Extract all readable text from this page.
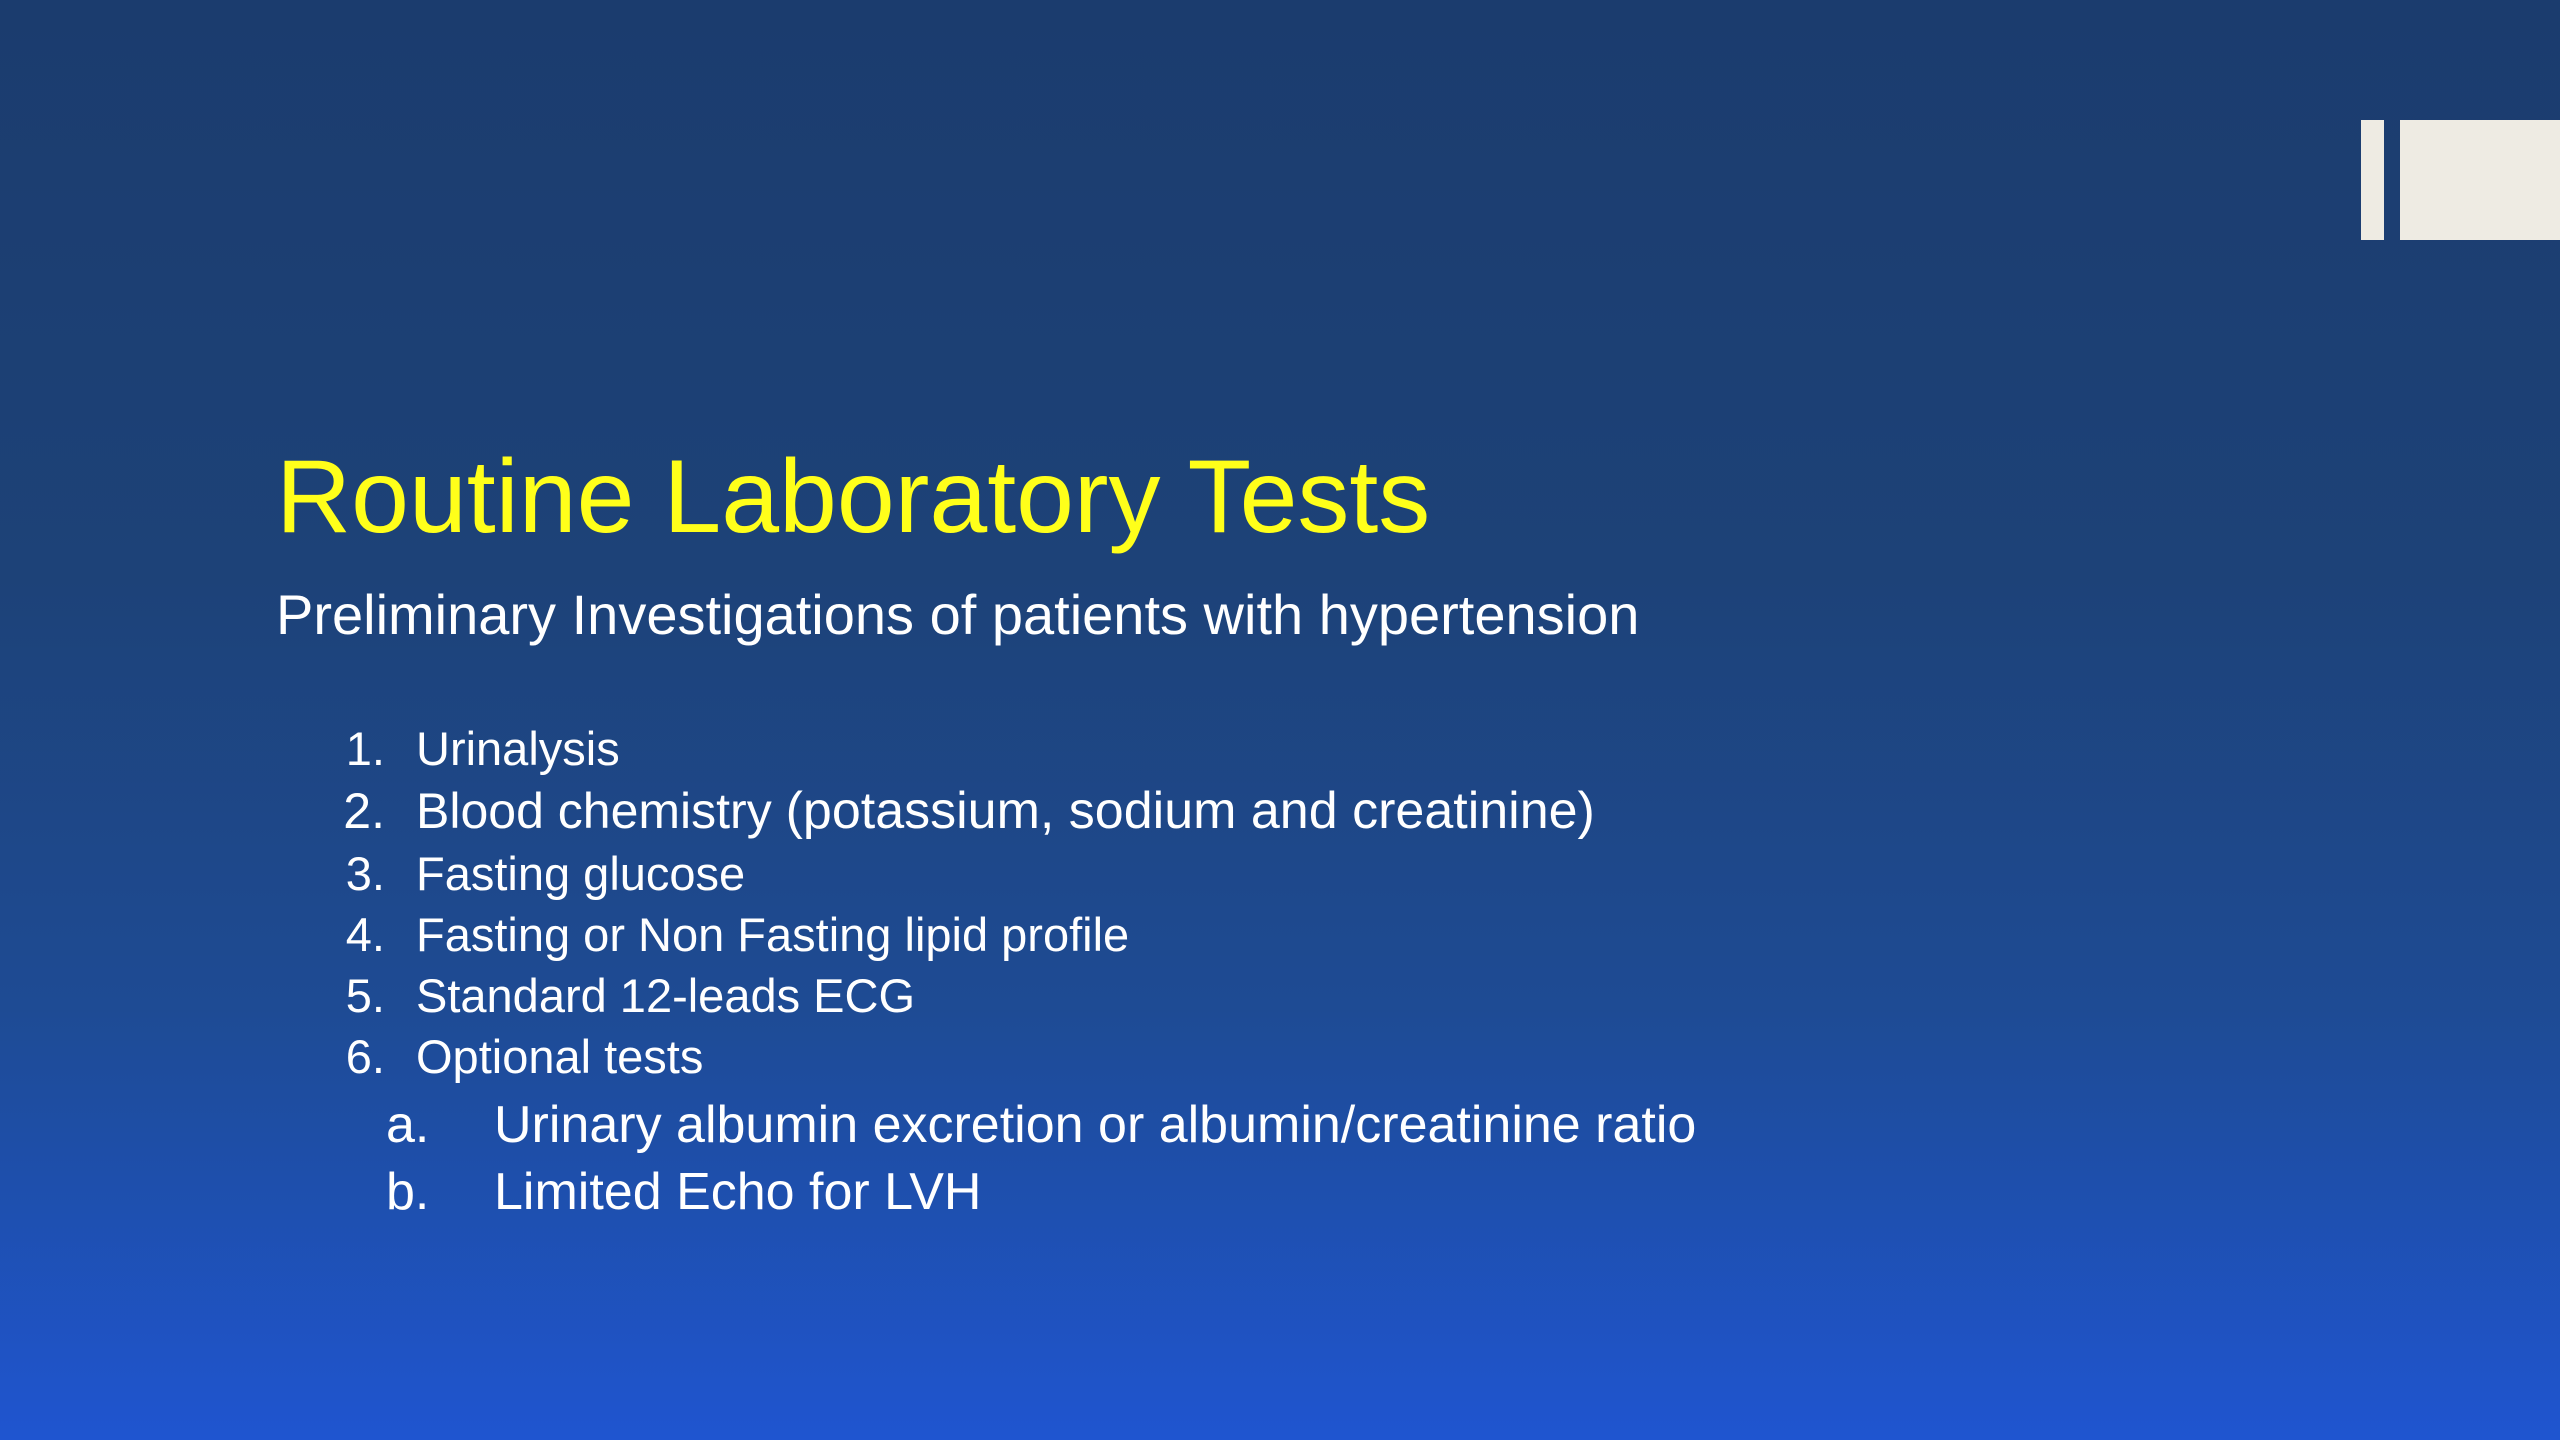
Routine Laboratory Tests
Preliminary Investigations of patients with hypertension
1. Urinalysis
2. Blood chemistry (potassium, sodium and creatinine)
3. Fasting glucose
4. Fasting or Non Fasting lipid profile
5. Standard 12-leads ECG
6. Optional tests
a.	Urinary albumin excretion or albumin/creatinine ratio
b.	Limited Echo for LVH
